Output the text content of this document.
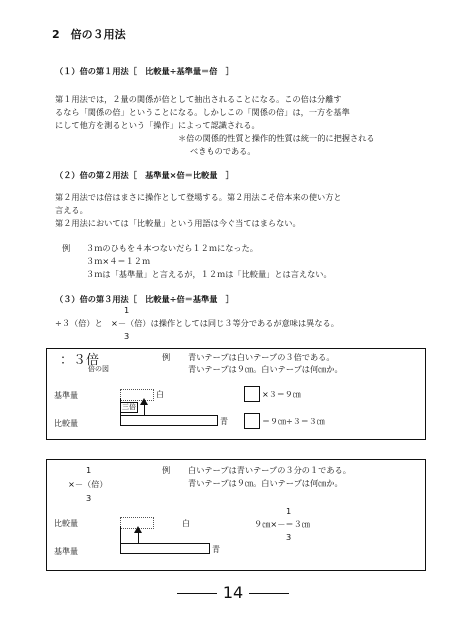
2　倍の３用法
（１）倍の第１用法［　比較量÷基準量＝倍　］
第１用法では，２量の関係が倍として抽出されることになる。この倍は分離す
るなら「関係の倍」ということになる。しかしこの「関係の倍」は，一方を基準
にして他方を測るという「操作」によって認識される。
＊倍の関係的性質と操作的性質は統一的に把握される
べきものである。
（２）倍の第２用法［　基準量×倍＝比較量　］
第２用法では倍はまさに操作として登場する。第２用法こそ倍本来の使い方と
言える。
第２用法においては「比較量」という用語は今ぐ当てはまらない。
例 ３ｍのひもを４本つないだら１２ｍになった。
３ｍ×４＝１２ｍ
３ｍは「基準量」と言えるが，１２ｍは「比較量」とは言えない。
（３）倍の第３用法［　比較量÷倍＝基準量　］
1
÷３（倍）と　×－（倍）は操作としては同じ３等分であるが意味は異なる。
3
：３倍
倍の図
例 青いテープは白いテープの３倍である。
青いテープは９㎝。白いテープは何㎝か。
基準量
比較量
白
三倍
青
×３＝９㎝
＝９㎝÷３＝３㎝
1
×－（倍）
3
例 白いテープは青いテープの３分の１である。
青いテープは９㎝。白いテープは何㎝か。
比較量
基準量
白
青
1
９㎝×－＝３㎝
3
14
